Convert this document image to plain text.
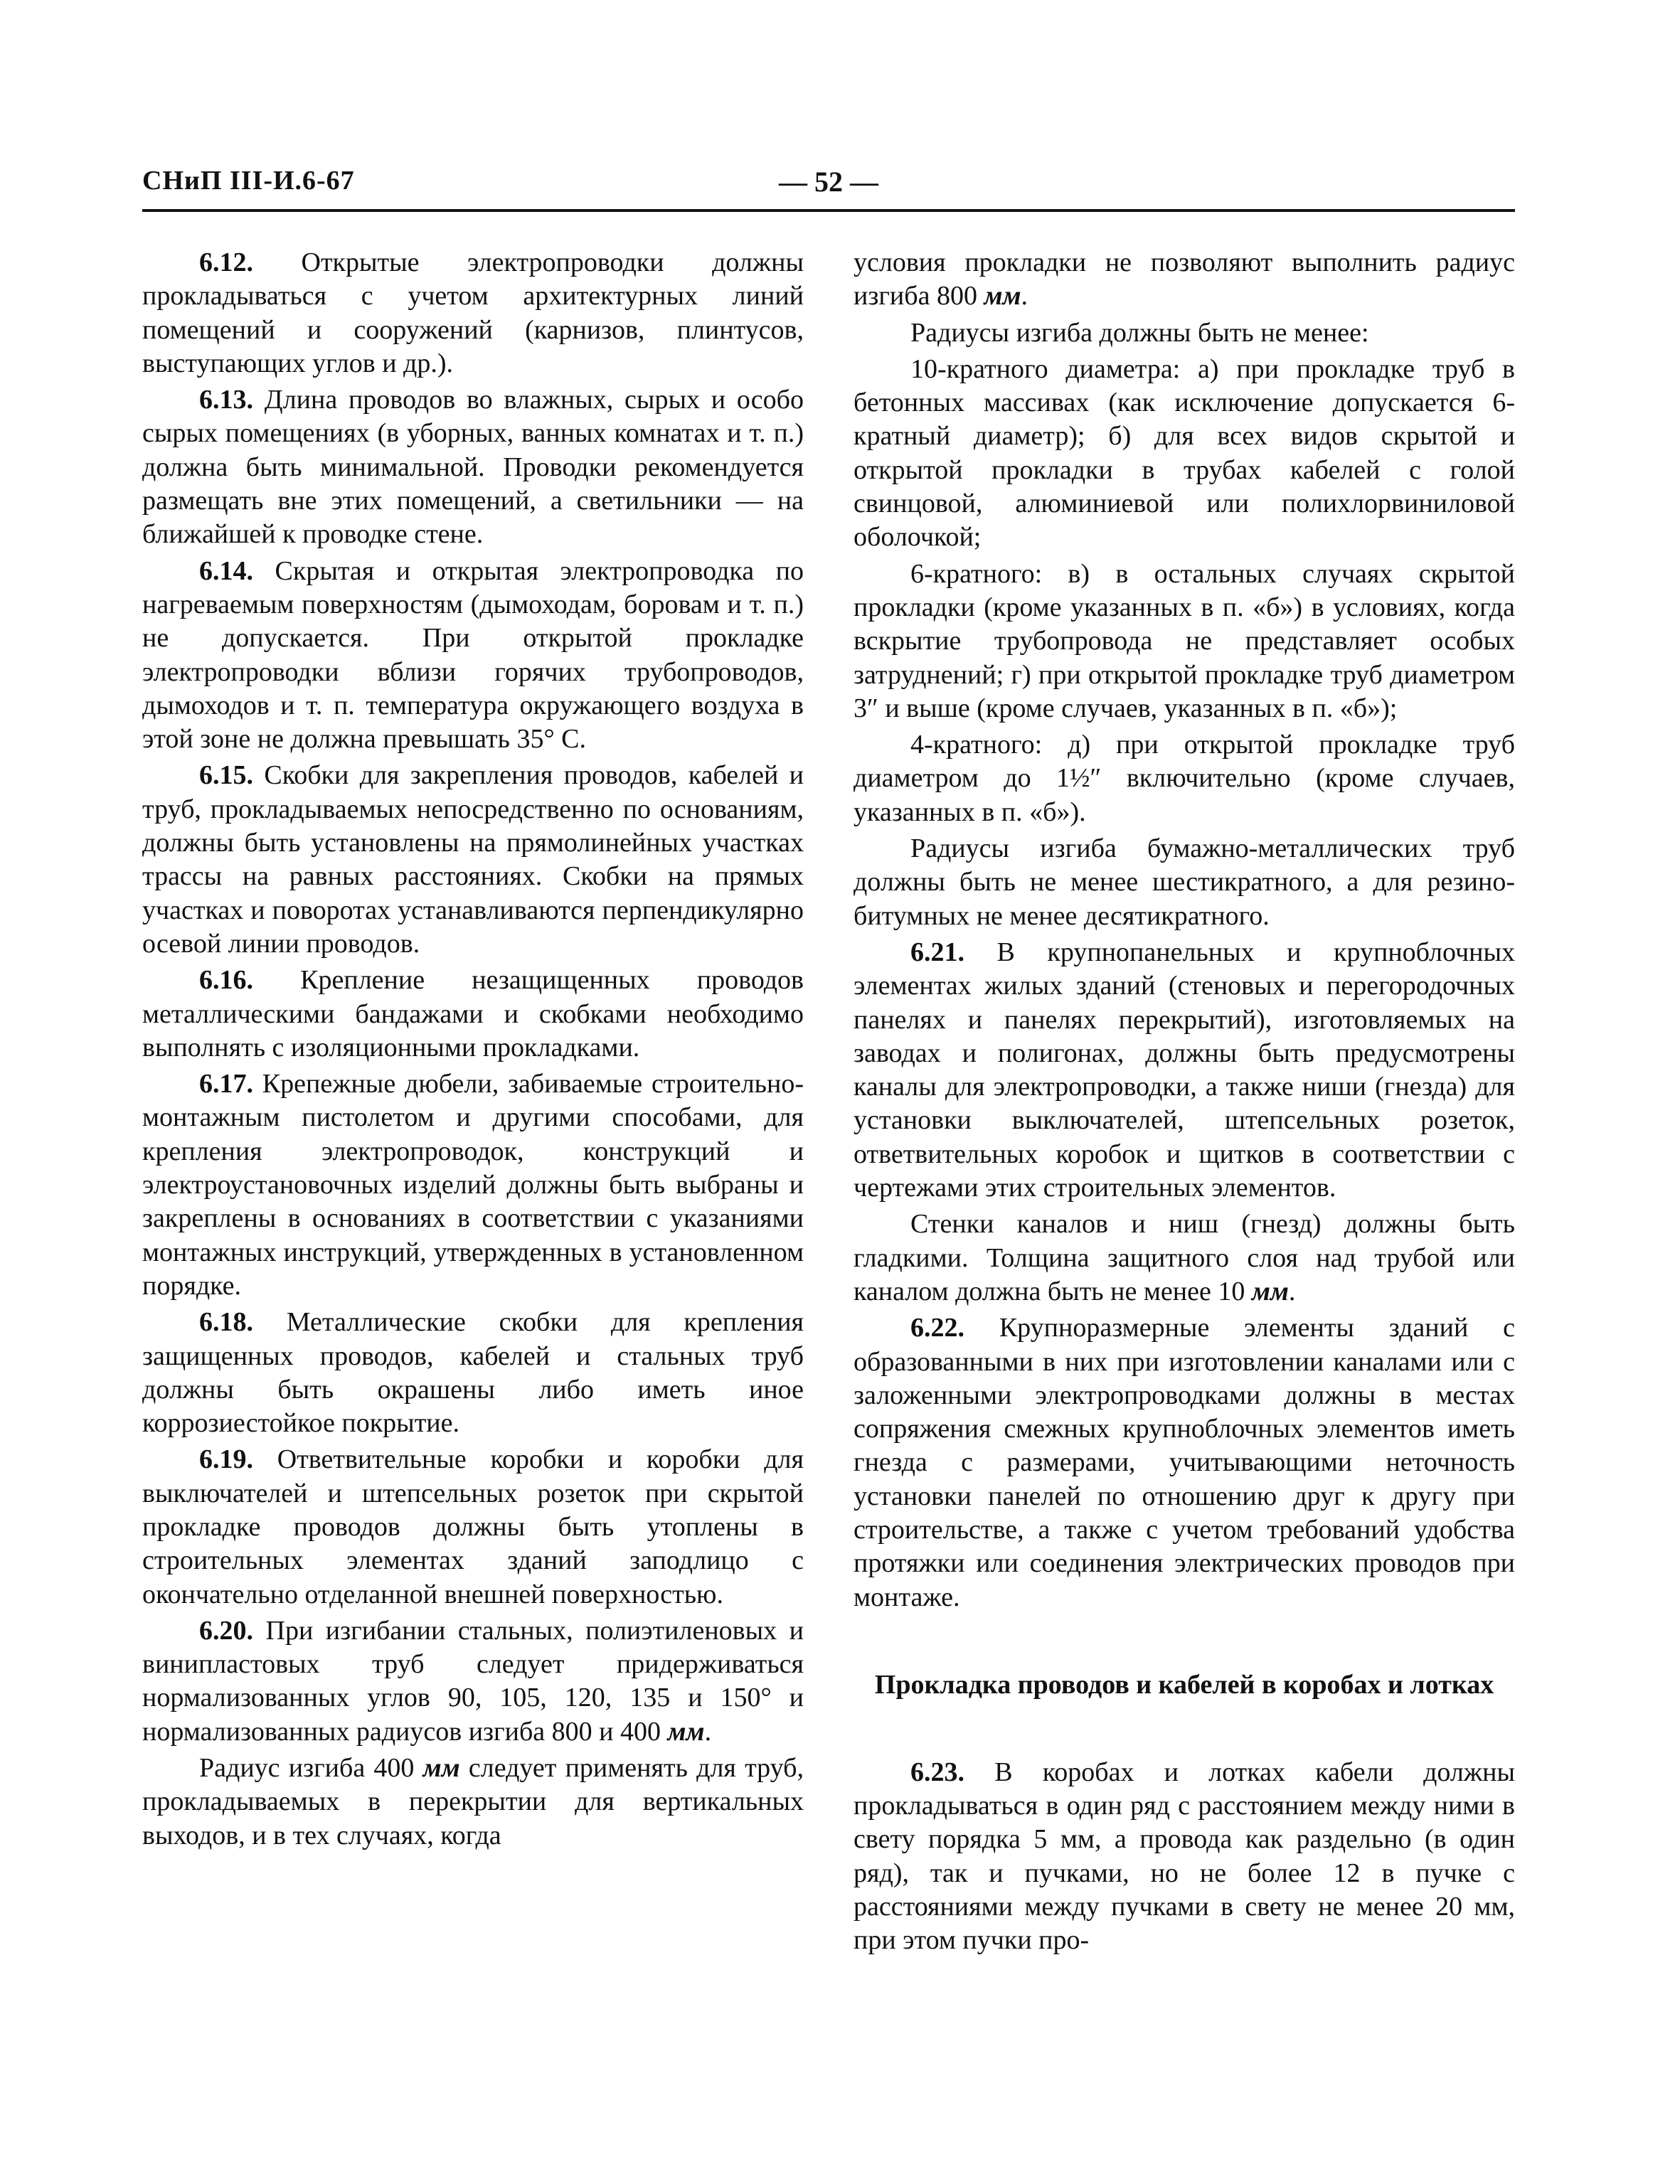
СНиП III-И.6-67	— 52 —

6.12. Открытые электропроводки должны прокладываться с учетом архитектурных линий помещений и сооружений (карнизов, плинтусов, выступающих углов и др.).

6.13. Длина проводов во влажных, сырых и особо сырых помещениях (в уборных, ванных комнатах и т. п.) должна быть минимальной. Проводки рекомендуется размещать вне этих помещений, а светильники — на ближайшей к проводке стене.

6.14. Скрытая и открытая электропроводка по нагреваемым поверхностям (дымоходам, боровам и т. п.) не допускается. При открытой прокладке электропроводки вблизи горячих трубопроводов, дымоходов и т. п. температура окружающего воздуха в этой зоне не должна превышать 35° С.

6.15. Скобки для закрепления проводов, кабелей и труб, прокладываемых непосредственно по основаниям, должны быть установлены на прямолинейных участках трассы на равных расстояниях. Скобки на прямых участках и поворотах устанавливаются перпендикулярно осевой линии проводов.

6.16. Крепление незащищенных проводов металлическими бандажами и скобками необходимо выполнять с изоляционными прокладками.

6.17. Крепежные дюбели, забиваемые строительно-монтажным пистолетом и другими способами, для крепления электропроводок, конструкций и электроустановочных изделий должны быть выбраны и закреплены в основаниях в соответствии с указаниями монтажных инструкций, утвержденных в установленном порядке.

6.18. Металлические скобки для крепления защищенных проводов, кабелей и стальных труб должны быть окрашены либо иметь иное коррозиестойкое покрытие.

6.19. Ответвительные коробки и коробки для выключателей и штепсельных розеток при скрытой прокладке проводов должны быть утоплены в строительных элементах зданий заподлицо с окончательно отделанной внешней поверхностью.

6.20. При изгибании стальных, полиэтиленовых и винипластовых труб следует придерживаться нормализованных углов 90, 105, 120, 135 и 150° и нормализованных радиусов изгиба 800 и 400 мм.

Радиус изгиба 400 мм следует применять для труб, прокладываемых в перекрытии для вертикальных выходов, и в тех случаях, когда

условия прокладки не позволяют выполнить радиус изгиба 800 мм.

Радиусы изгиба должны быть не менее:

10-кратного диаметра: а) при прокладке труб в бетонных массивах (как исключение допускается 6-кратный диаметр); б) для всех видов скрытой и открытой прокладки в трубах кабелей с голой свинцовой, алюминиевой или полихлорвиниловой оболочкой;

6-кратного: в) в остальных случаях скрытой прокладки (кроме указанных в п. «б») в условиях, когда вскрытие трубопровода не представляет особых затруднений; г) при открытой прокладке труб диаметром 3″ и выше (кроме случаев, указанных в п. «б»);

4-кратного: д) при открытой прокладке труб диаметром до 1½″ включительно (кроме случаев, указанных в п. «б»).

Радиусы изгиба бумажно-металлических труб должны быть не менее шестикратного, а для резино-битумных не менее десятикратного.

6.21. В крупнопанельных и крупноблочных элементах жилых зданий (стеновых и перегородочных панелях и панелях перекрытий), изготовляемых на заводах и полигонах, должны быть предусмотрены каналы для электропроводки, а также ниши (гнезда) для установки выключателей, штепсельных розеток, ответвительных коробок и щитков в соответствии с чертежами этих строительных элементов.

Стенки каналов и ниш (гнезд) должны быть гладкими. Толщина защитного слоя над трубой или каналом должна быть не менее 10 мм.

6.22. Крупноразмерные элементы зданий с образованными в них при изготовлении каналами или с заложенными электропроводками должны в местах сопряжения смежных крупноблочных элементов иметь гнезда с размерами, учитывающими неточность установки панелей по отношению друг к другу при строительстве, а также с учетом требований удобства протяжки или соединения электрических проводов при монтаже.

Прокладка проводов и кабелей в коробах и лотках

6.23. В коробах и лотках кабели должны прокладываться в один ряд с расстоянием между ними в свету порядка 5 мм, а провода как раздельно (в один ряд), так и пучками, но не более 12 в пучке с расстояниями между пучками в свету не менее 20 мм, при этом пучки про-
